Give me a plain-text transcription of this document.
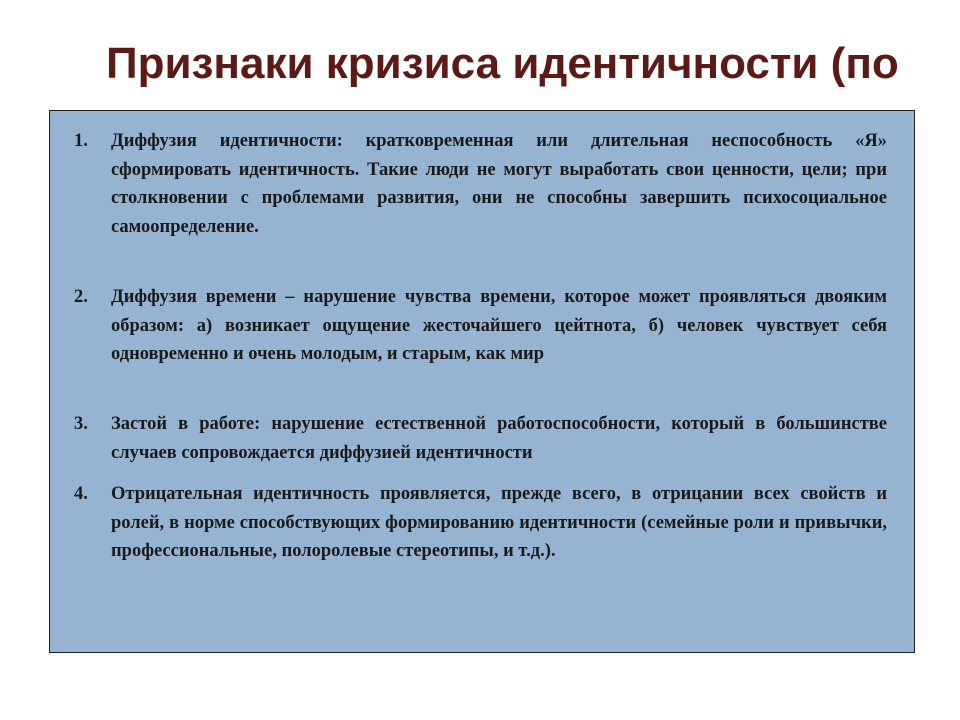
Признаки кризиса идентичности (по
1. Диффузия идентичности: кратковременная или длительная неспособность «Я» сформировать идентичность. Такие люди не могут выработать свои ценности, цели; при столкновении с проблемами развития, они не способны завершить психосоциальное самоопределение.
2. Диффузия времени – нарушение чувства времени, которое может проявляться двояким образом: а) возникает ощущение жесточайшего цейтнота, б) человек чувствует себя одновременно и очень молодым, и старым, как мир
3. Застой в работе: нарушение естественной работоспособности, который в большинстве случаев сопровождается диффузией идентичности
4. Отрицательная идентичность проявляется, прежде всего, в отрицании всех свойств и ролей, в норме способствующих формированию идентичности (семейные роли и привычки, профессиональные, полоролевые стереотипы, и т.д.).
